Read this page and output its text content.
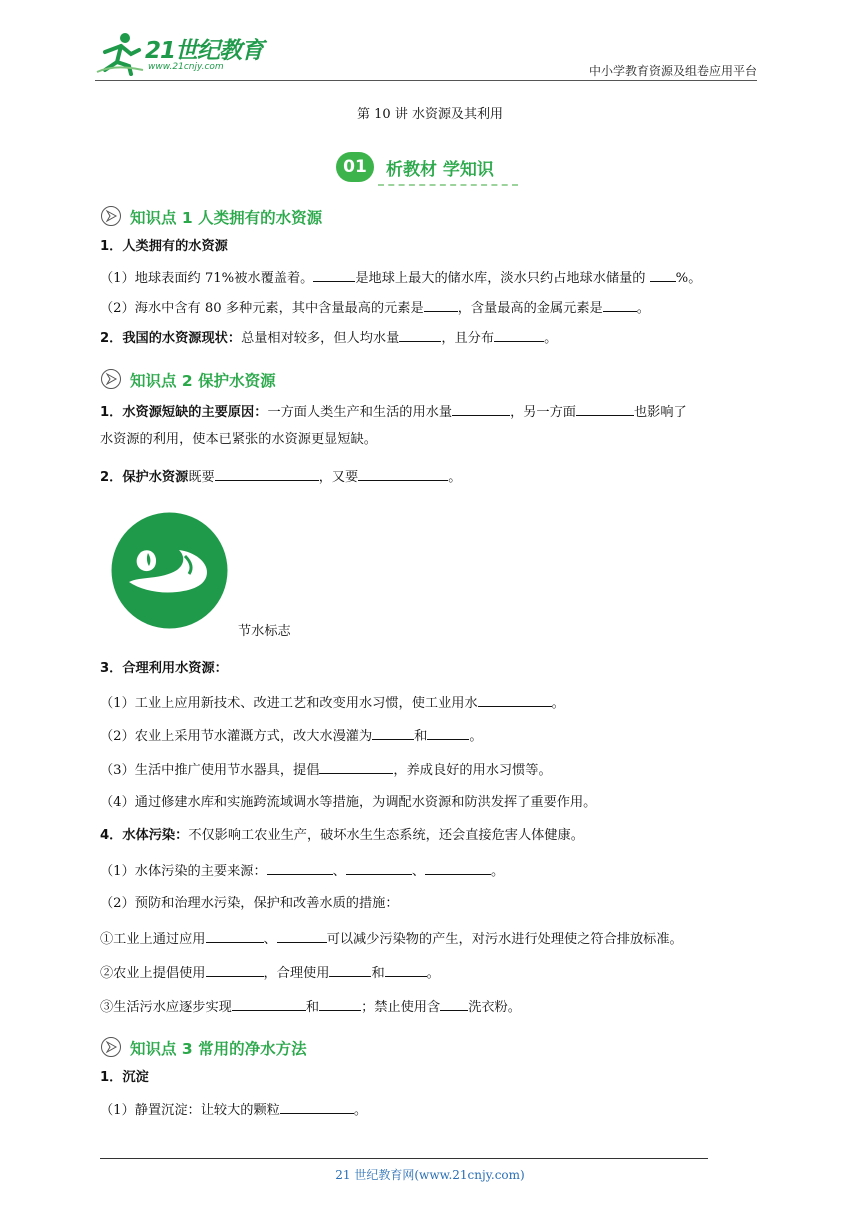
21世纪教育
www.21cnjy.com	中小学教育资源及组卷应用平台
第 10 讲 水资源及其利用
01	析教材 学知识
知识点 1 人类拥有的水资源
1．人类拥有的水资源
（1）地球表面约 71%被水覆盖着。	是地球上最大的储水库，淡水只约占地球水储量的 %。
（2）海水中含有 80 多种元素，其中含量最高的元素是	，含量最高的金属元素是	。
2．我国的水资源现状：总量相对较多，但人均水量	，且分布	。
知识点 2 保护水资源
1．水资源短缺的主要原因：一方面人类生产和生活的用水量	，另一方面	也影响了
水资源的利用，使本已紧张的水资源更显短缺。
2．保护水资源既要	，又要	。
节水标志
3．合理利用水资源：
（1）工业上应用新技术、改进工艺和改变用水习惯，使工业用水	。
（2）农业上采用节水灌溉方式，改大水漫灌为	和	。
（3）生活中推广使用节水器具，提倡	，养成良好的用水习惯等。
（4）通过修建水库和实施跨流域调水等措施，为调配水资源和防洪发挥了重要作用。
4．水体污染：不仅影响工农业生产，破坏水生生态系统，还会直接危害人体健康。
（1）水体污染的主要来源：	、	、	。
（2）预防和治理水污染，保护和改善水质的措施：
①工业上通过应用	、	可以减少污染物的产生，对污水进行处理使之符合排放标准。
②农业上提倡使用	，合理使用	和	。
③生活污水应逐步实现	和	；禁止使用含 洗衣粉。
知识点 3 常用的净水方法
1．沉淀
（1）静置沉淀：让较大的颗粒	。
21 世纪教育网(www.21cnjy.com)
